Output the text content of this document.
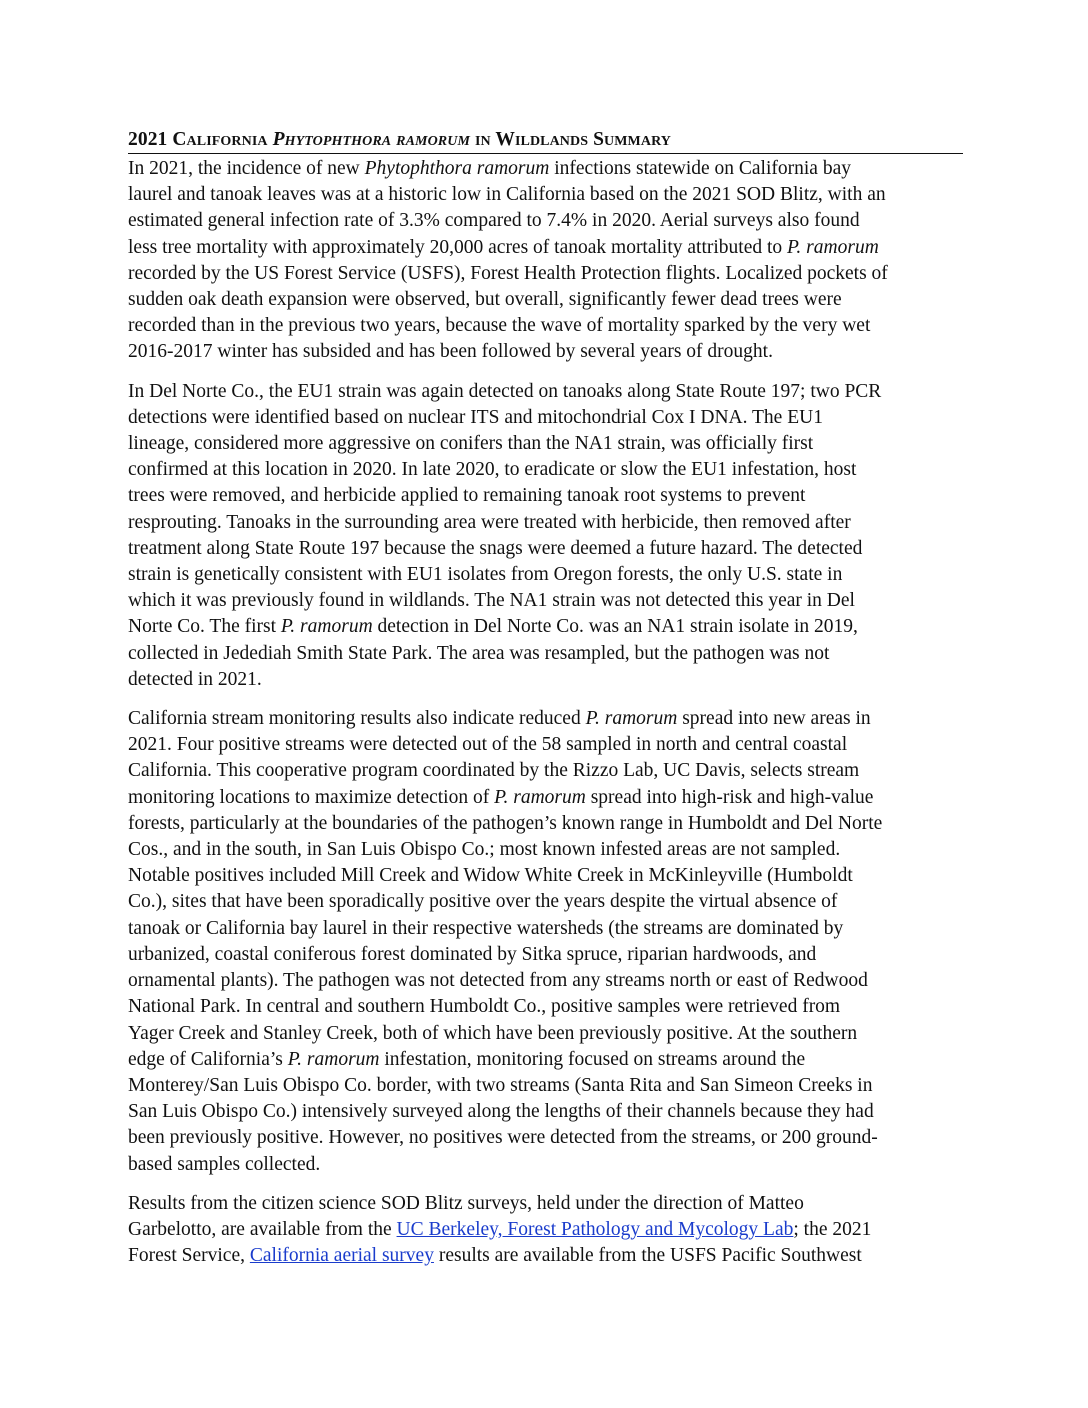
2021 California Phytophthora ramorum in Wildlands Summary

In 2021, the incidence of new Phytophthora ramorum infections statewide on California bay
laurel and tanoak leaves was at a historic low in California based on the 2021 SOD Blitz, with an
estimated general infection rate of 3.3% compared to 7.4% in 2020. Aerial surveys also found
less tree mortality with approximately 20,000 acres of tanoak mortality attributed to P. ramorum
recorded by the US Forest Service (USFS), Forest Health Protection flights. Localized pockets of
sudden oak death expansion were observed, but overall, significantly fewer dead trees were
recorded than in the previous two years, because the wave of mortality sparked by the very wet
2016-2017 winter has subsided and has been followed by several years of drought.

In Del Norte Co., the EU1 strain was again detected on tanoaks along State Route 197; two PCR
detections were identified based on nuclear ITS and mitochondrial Cox I DNA. The EU1
lineage, considered more aggressive on conifers than the NA1 strain, was officially first
confirmed at this location in 2020. In late 2020, to eradicate or slow the EU1 infestation, host
trees were removed, and herbicide applied to remaining tanoak root systems to prevent
resprouting. Tanoaks in the surrounding area were treated with herbicide, then removed after
treatment along State Route 197 because the snags were deemed a future hazard. The detected
strain is genetically consistent with EU1 isolates from Oregon forests, the only U.S. state in
which it was previously found in wildlands. The NA1 strain was not detected this year in Del
Norte Co. The first P. ramorum detection in Del Norte Co. was an NA1 strain isolate in 2019,
collected in Jedediah Smith State Park. The area was resampled, but the pathogen was not
detected in 2021.

California stream monitoring results also indicate reduced P. ramorum spread into new areas in
2021. Four positive streams were detected out of the 58 sampled in north and central coastal
California. This cooperative program coordinated by the Rizzo Lab, UC Davis, selects stream
monitoring locations to maximize detection of P. ramorum spread into high-risk and high-value
forests, particularly at the boundaries of the pathogen’s known range in Humboldt and Del Norte
Cos., and in the south, in San Luis Obispo Co.; most known infested areas are not sampled.
Notable positives included Mill Creek and Widow White Creek in McKinleyville (Humboldt
Co.), sites that have been sporadically positive over the years despite the virtual absence of
tanoak or California bay laurel in their respective watersheds (the streams are dominated by
urbanized, coastal coniferous forest dominated by Sitka spruce, riparian hardwoods, and
ornamental plants). The pathogen was not detected from any streams north or east of Redwood
National Park. In central and southern Humboldt Co., positive samples were retrieved from
Yager Creek and Stanley Creek, both of which have been previously positive. At the southern
edge of California’s P. ramorum infestation, monitoring focused on streams around the
Monterey/San Luis Obispo Co. border, with two streams (Santa Rita and San Simeon Creeks in
San Luis Obispo Co.) intensively surveyed along the lengths of their channels because they had
been previously positive. However, no positives were detected from the streams, or 200 ground-
based samples collected.

Results from the citizen science SOD Blitz surveys, held under the direction of Matteo
Garbelotto, are available from the UC Berkeley, Forest Pathology and Mycology Lab; the 2021
Forest Service, California aerial survey results are available from the USFS Pacific Southwest
